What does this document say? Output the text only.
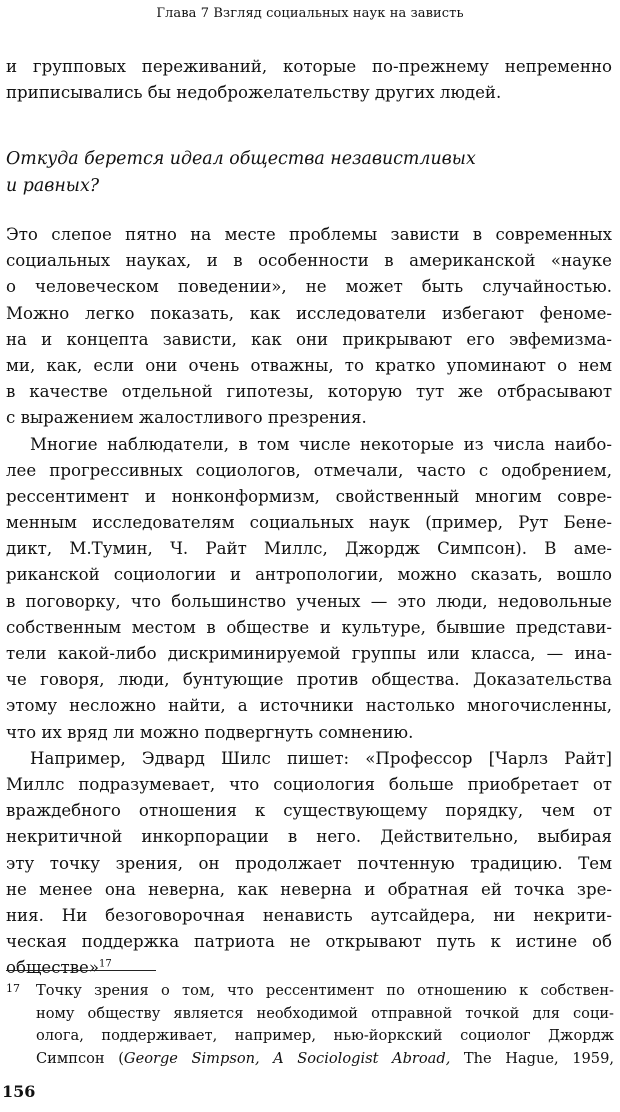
Глава 7 Взгляд социальных наук на зависть
и групповых переживаний, которые по-прежнему непременно
приписывались бы недоброжелательству других людей.
Откуда берется идеал общества независтливых
и равных?
Это слепое пятно на месте проблемы зависти в современных
социальных науках, и в особенности в американской «науке
о человеческом поведении», не может быть случайностью.
Можно легко показать, как исследователи избегают феноме-
на и концепта зависти, как они прикрывают его эвфемизма-
ми, как, если они очень отважны, то кратко упоминают о нем
в качестве отдельной гипотезы, которую тут же отбрасывают
с выражением жалостливого презрения.
Многие наблюдатели, в том числе некоторые из числа наибо-
лее прогрессивных социологов, отмечали, часто с одобрением,
рессентимент и нонконформизм, свойственный многим совре-
менным исследователям социальных наук (пример, Рут Бене-
дикт, М.Тумин, Ч. Райт Миллс, Джордж Симпсон). В аме-
риканской социологии и антропологии, можно сказать, вошло
в поговорку, что большинство ученых — это люди, недовольные
собственным местом в обществе и культуре, бывшие представи-
тели какой-либо дискриминируемой группы или класса, — ина-
че говоря, люди, бунтующие против общества. Доказательства
этому несложно найти, а источники настолько многочисленны,
что их вряд ли можно подвергнуть сомнению.
Например, Эдвард Шилс пишет: «Профессор [Чарлз Райт]
Миллс подразумевает, что социология больше приобретает от
враждебного отношения к существующему порядку, чем от
некритичной инкорпорации в него. Действительно, выбирая
эту точку зрения, он продолжает почтенную традицию. Тем
не менее она неверна, как неверна и обратная ей точка зре-
ния. Ни безоговорочная ненависть аутсайдера, ни некрити-
ческая поддержка патриота не открывают путь к истине об
обществе»$^{17}$
17 Точку зрения о том, что рессентимент по отношению к собствен-
ному обществу является необходимой отправной точкой для соци-
олога, поддерживает, например, нью-йоркский социолог Джордж
Симпсон (George Simpson, A Sociologist Abroad, The Hague, 1959,
156
